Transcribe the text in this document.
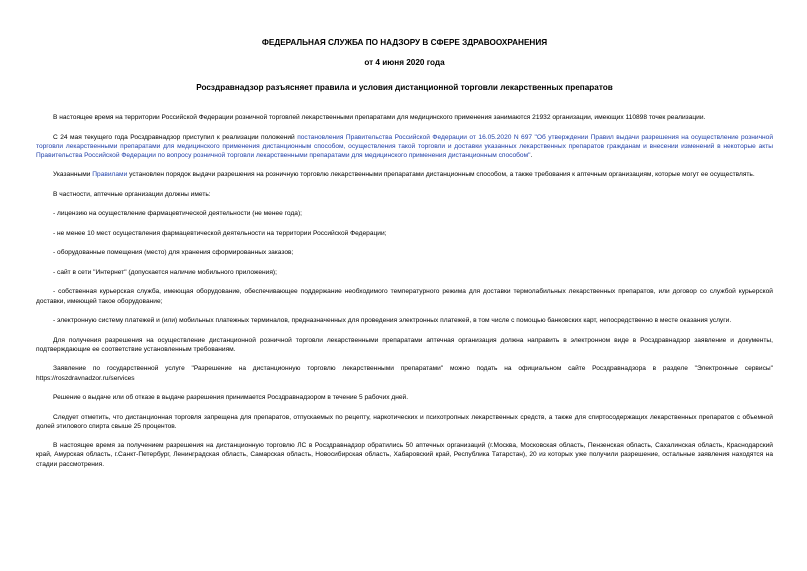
ФЕДЕРАЛЬНАЯ СЛУЖБА ПО НАДЗОРУ В СФЕРЕ ЗДРАВООХРАНЕНИЯ
от 4 июня 2020 года
Росздравнадзор разъясняет правила и условия дистанционной торговли лекарственных препаратов

В настоящее время на территории Российской Федерации розничной торговлей лекарственными препаратами для медицинского применения занимаются 21932 организации, имеющих 110898 точек реализации.

С 24 мая текущего года Росздравнадзор приступил к реализации положений постановления Правительства Российской Федерации от 16.05.2020 N 697 "Об утверждении Правил выдачи разрешения на осуществление розничной торговли лекарственными препаратами для медицинского применения дистанционным способом, осуществления такой торговли и доставки указанных лекарственных препаратов гражданам и внесении изменений в некоторые акты Правительства Российской Федерации по вопросу розничной торговли лекарственными препаратами для медицинского применения дистанционным способом".

Указанными Правилами установлен порядок выдачи разрешения на розничную торговлю лекарственными препаратами дистанционным способом, а также требования к аптечным организациям, которые могут ее осуществлять.

В частности, аптечные организации должны иметь:

- лицензию на осуществление фармацевтической деятельности (не менее года);

- не менее 10 мест осуществления фармацевтической деятельности на территории Российской Федерации;

- оборудованные помещения (место) для хранения сформированных заказов;

- сайт в сети "Интернет" (допускается наличие мобильного приложения);

- собственная курьерская служба, имеющая оборудование, обеспечивающее поддержание необходимого температурного режима для доставки термолабильных лекарственных препаратов, или договор со службой курьерской доставки, имеющей такое оборудование;

- электронную систему платежей и (или) мобильных платежных терминалов, предназначенных для проведения электронных платежей, в том числе с помощью банковских карт, непосредственно в месте оказания услуги.

Для получения разрешения на осуществление дистанционной розничной торговли лекарственными препаратами аптечная организация должна направить в электронном виде в Росздравнадзор заявление и документы, подтверждающие ее соответствие установленным требованиям.

Заявление по государственной услуге "Разрешение на дистанционную торговлю лекарственными препаратами" можно подать на официальном сайте Росздравнадзора в разделе "Электронные сервисы" https://roszdravnadzor.ru/services

Решение о выдаче или об отказе в выдаче разрешения принимается Росздравнадзором в течение 5 рабочих дней.

Следует отметить, что дистанционная торговля запрещена для препаратов, отпускаемых по рецепту, наркотических и психотропных лекарственных средств, а также для спиртосодержащих лекарственных препаратов с объемной долей этилового спирта свыше 25 процентов.

В настоящее время за получением разрешения на дистанционную торговлю ЛС в Росздравнадзор обратились 50 аптечных организаций (г.Москва, Московская область, Пензенская область, Сахалинская область, Краснодарский край, Амурская область, г.Санкт-Петербург, Ленинградская область, Самарская область, Новосибирская область, Хабаровский край, Республика Татарстан), 20 из которых уже получили разрешение, остальные заявления находятся на стадии рассмотрения.
